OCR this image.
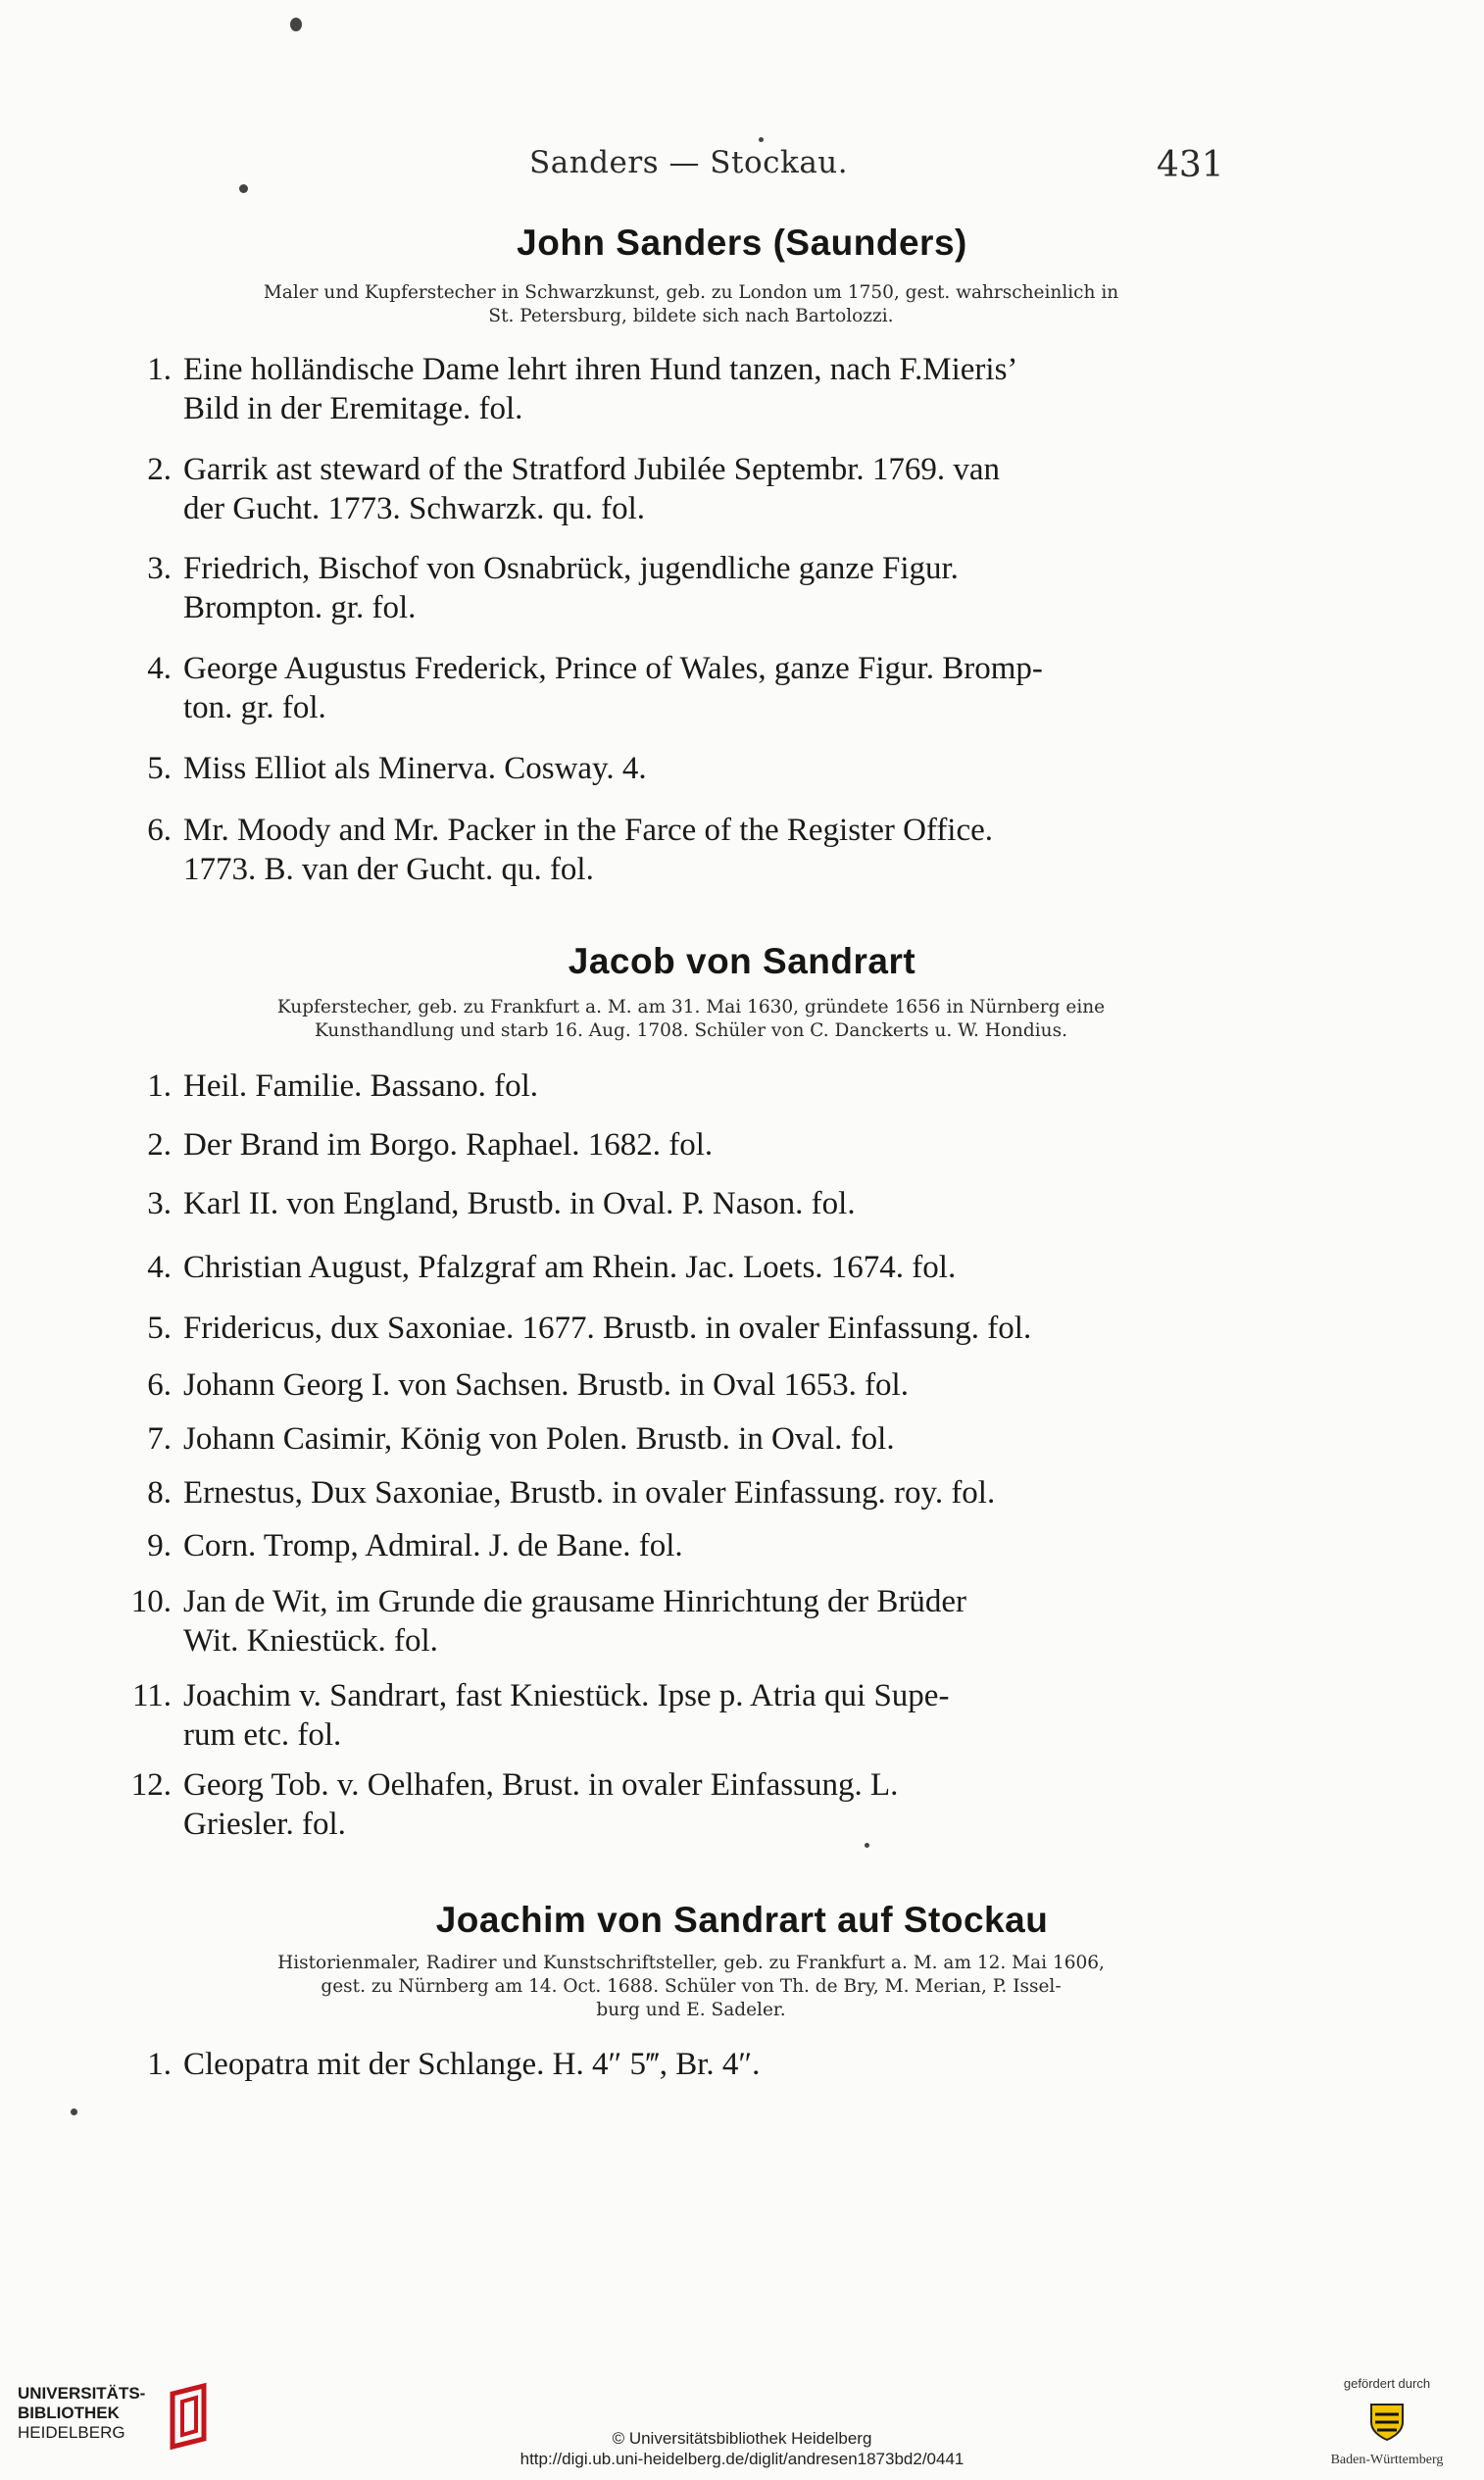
Sanders — Stockau.	431
John Sanders (Saunders)
Maler und Kupferstecher in Schwarzkunst, geb. zu London um 1750, gest. wahrscheinlich in
St. Petersburg, bildete sich nach Bartolozzi.
1. Eine holländische Dame lehrt ihren Hund tanzen, nach F.Mieris’
Bild in der Eremitage. fol.
2. Garrik ast steward of the Stratford Jubilée Septembr. 1769. van
der Gucht. 1773. Schwarzk. qu. fol.
3. Friedrich, Bischof von Osnabrück, jugendliche ganze Figur.
Brompton. gr. fol.
4. George Augustus Frederick, Prince of Wales, ganze Figur. Bromp-
ton. gr. fol.
5. Miss Elliot als Minerva. Cosway. 4.
6. Mr. Moody and Mr. Packer in the Farce of the Register Office.
1773. B. van der Gucht. qu. fol.
Jacob von Sandrart
Kupferstecher, geb. zu Frankfurt a. M. am 31. Mai 1630, gründete 1656 in Nürnberg eine
Kunsthandlung und starb 16. Aug. 1708. Schüler von C. Danckerts u. W. Hondius.
1. Heil. Familie. Bassano. fol.
2. Der Brand im Borgo. Raphael. 1682. fol.
3. Karl II. von England, Brustb. in Oval. P. Nason. fol.
4. Christian August, Pfalzgraf am Rhein. Jac. Loets. 1674. fol.
5. Fridericus, dux Saxoniae. 1677. Brustb. in ovaler Einfassung. fol.
6. Johann Georg I. von Sachsen. Brustb. in Oval 1653. fol.
7. Johann Casimir, König von Polen. Brustb. in Oval. fol.
8. Ernestus, Dux Saxoniae, Brustb. in ovaler Einfassung. roy. fol.
9. Corn. Tromp, Admiral. J. de Bane. fol.
10. Jan de Wit, im Grunde die grausame Hinrichtung der Brüder
Wit. Kniestück. fol.
11. Joachim v. Sandrart, fast Kniestück. Ipse p. Atria qui Supe-
rum etc. fol.
12. Georg Tob. v. Oelhafen, Brust. in ovaler Einfassung. L.
Griesler. fol.
Joachim von Sandrart auf Stockau
Historienmaler, Radirer und Kunstschriftsteller, geb. zu Frankfurt a. M. am 12. Mai 1606,
gest. zu Nürnberg am 14. Oct. 1688. Schüler von Th. de Bry, M. Merian, P. Issel-
burg und E. Sadeler.
1. Cleopatra mit der Schlange. H. 4″ 5‴, Br. 4″.
UNIVERSITÄTS-
BIBLIOTHEK
HEIDELBERG	© Universitätsbibliothek Heidelberg
http://digi.ub.uni-heidelberg.de/diglit/andresen1873bd2/0441
gefördert durch
Baden-Württemberg
